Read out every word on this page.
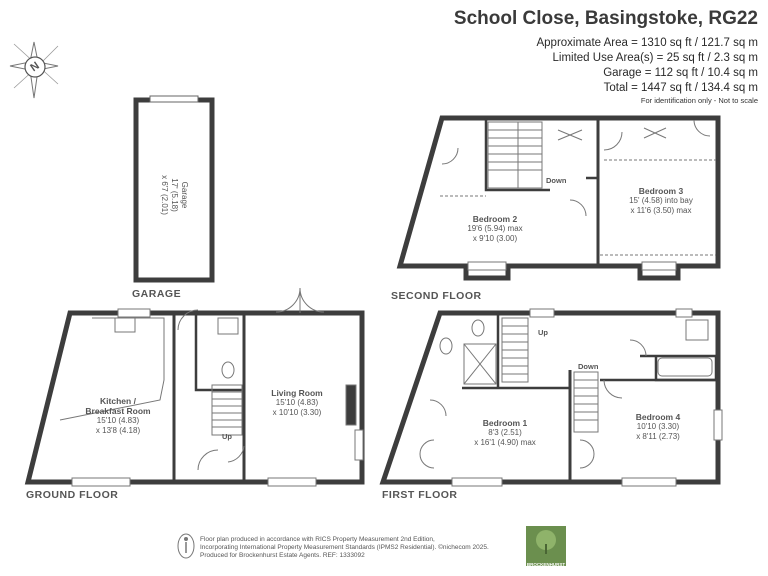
School Close, Basingstoke, RG22
Approximate Area = 1310 sq ft / 121.7 sq m
Limited Use Area(s) = 25 sq ft / 2.3 sq m
Garage = 112 sq ft / 10.4 sq m
Total = 1447 sq ft / 134.4 sq m
For identification only - Not to scale
N
GARAGE
GROUND FLOOR	FIRST FLOOR
SECOND FLOOR
Garage
17' (5.18)
x 6'7 (2.01)
Kitchen /
Breakfast Room
15'10 (4.83)
x 13'8 (4.18)
Living Room
15'10 (4.83)
x 10'10 (3.30)
Up
Bedroom 2
19'6 (5.94) max
x 9'10 (3.00)
Bedroom 3
15' (4.58) into bay
x 11'6 (3.50) max
Down
Bedroom 1
8'3 (2.51)
x 16'1 (4.90) max
Bedroom 4
10'10 (3.30)
x 8'11 (2.73)
Up
Down
Floor plan produced in accordance with RICS Property Measurement 2nd Edition,
Incorporating International Property Measurement Standards (IPMS2 Residential). ©nichecom 2025.
Produced for Brockenhurst Estate Agents. REF: 1333092
BROCKENHURST
